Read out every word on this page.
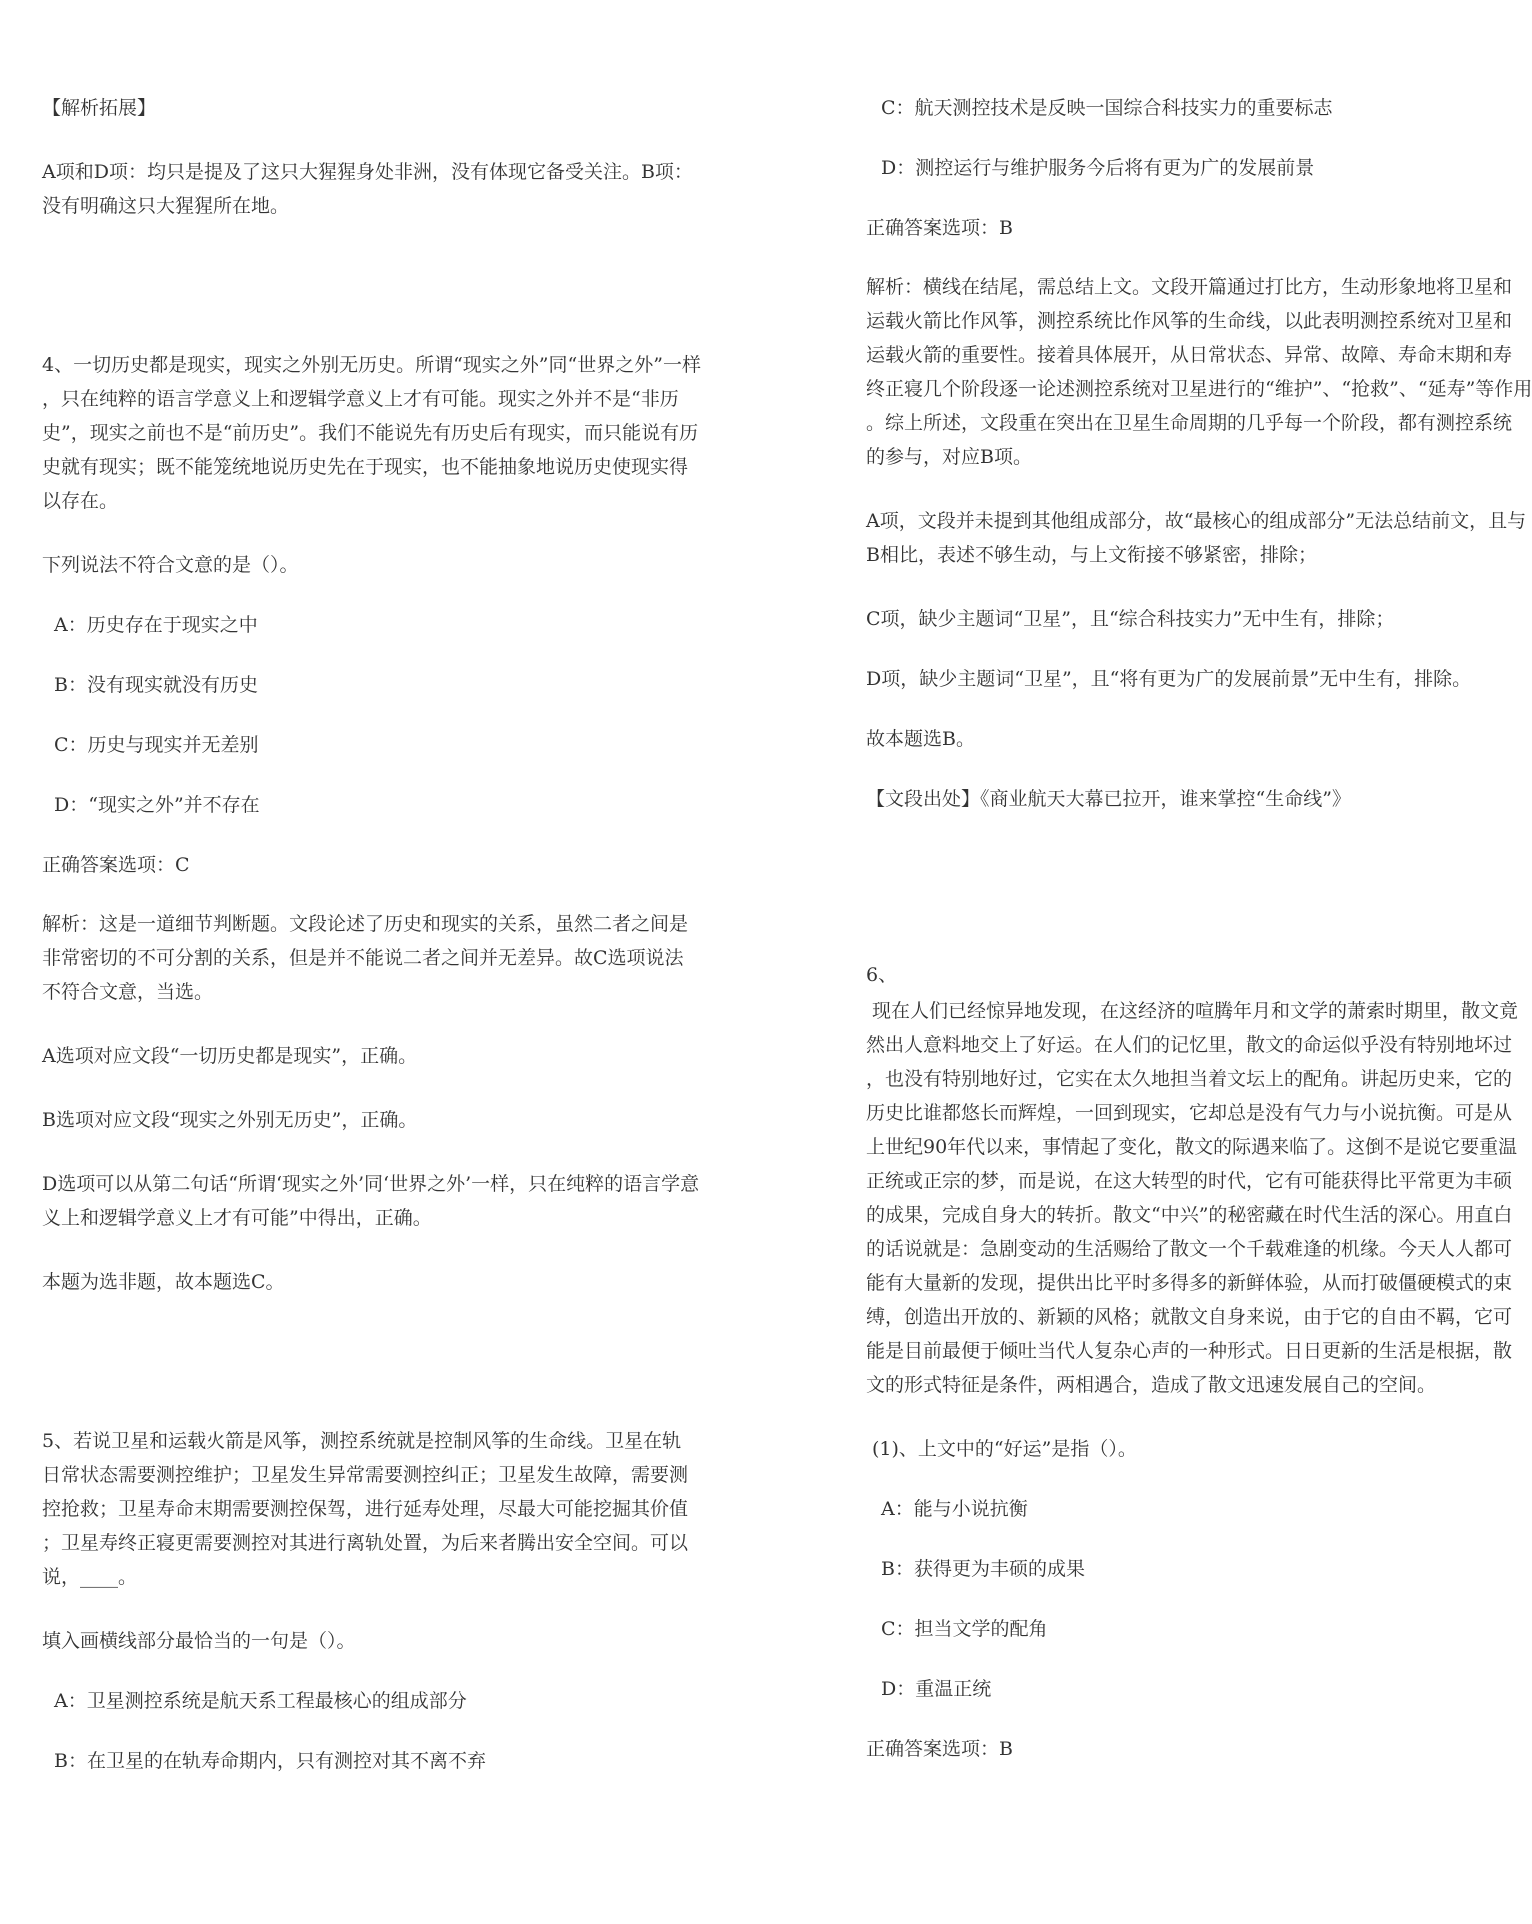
【解析拓展】
A项和D项：均只是提及了这只大猩猩身处非洲，没有体现它备受关注。B项：
没有明确这只大猩猩所在地。
4、一切历史都是现实，现实之外别无历史。所谓“现实之外”同“世界之外”一样
，只在纯粹的语言学意义上和逻辑学意义上才有可能。现实之外并不是“非历
史”，现实之前也不是“前历史”。我们不能说先有历史后有现实，而只能说有历
史就有现实；既不能笼统地说历史先在于现实，也不能抽象地说历史使现实得
以存在。
下列说法不符合文意的是（）。
A：历史存在于现实之中
B：没有现实就没有历史
C：历史与现实并无差别
D：“现实之外”并不存在
正确答案选项：C
解析：这是一道细节判断题。文段论述了历史和现实的关系，虽然二者之间是
非常密切的不可分割的关系，但是并不能说二者之间并无差异。故C选项说法
不符合文意，当选。
A选项对应文段“一切历史都是现实”，正确。
B选项对应文段“现实之外别无历史”，正确。
D选项可以从第二句话“所谓‘现实之外’同‘世界之外’一样，只在纯粹的语言学意
义上和逻辑学意义上才有可能”中得出，正确。
本题为选非题，故本题选C。
5、若说卫星和运载火箭是风筝，测控系统就是控制风筝的生命线。卫星在轨
日常状态需要测控维护；卫星发生异常需要测控纠正；卫星发生故障，需要测
控抢救；卫星寿命末期需要测控保驾，进行延寿处理，尽最大可能挖掘其价值
；卫星寿终正寝更需要测控对其进行离轨处置，为后来者腾出安全空间。可以
说，____。
填入画横线部分最恰当的一句是（）。
A：卫星测控系统是航天系工程最核心的组成部分
B：在卫星的在轨寿命期内，只有测控对其不离不弃
C：航天测控技术是反映一国综合科技实力的重要标志
D：测控运行与维护服务今后将有更为广的发展前景
正确答案选项：B
解析：横线在结尾，需总结上文。文段开篇通过打比方，生动形象地将卫星和
运载火箭比作风筝，测控系统比作风筝的生命线，以此表明测控系统对卫星和
运载火箭的重要性。接着具体展开，从日常状态、异常、故障、寿命末期和寿
终正寝几个阶段逐一论述测控系统对卫星进行的“维护”、“抢救”、“延寿”等作用
。综上所述，文段重在突出在卫星生命周期的几乎每一个阶段，都有测控系统
的参与，对应B项。
A项，文段并未提到其他组成部分，故“最核心的组成部分”无法总结前文，且与
B相比，表述不够生动，与上文衔接不够紧密，排除；
C项，缺少主题词“卫星”，且“综合科技实力”无中生有，排除；
D项，缺少主题词“卫星”，且“将有更为广的发展前景”无中生有，排除。
故本题选B。
【文段出处】《商业航天大幕已拉开，谁来掌控“生命线”》
6、
现在人们已经惊异地发现，在这经济的喧腾年月和文学的萧索时期里，散文竟
然出人意料地交上了好运。在人们的记忆里，散文的命运似乎没有特别地坏过
，也没有特别地好过，它实在太久地担当着文坛上的配角。讲起历史来，它的
历史比谁都悠长而辉煌，一回到现实，它却总是没有气力与小说抗衡。可是从
上世纪90年代以来，事情起了变化，散文的际遇来临了。这倒不是说它要重温
正统或正宗的梦，而是说，在这大转型的时代，它有可能获得比平常更为丰硕
的成果，完成自身大的转折。散文“中兴”的秘密藏在时代生活的深心。用直白
的话说就是：急剧变动的生活赐给了散文一个千载难逢的机缘。今天人人都可
能有大量新的发现，提供出比平时多得多的新鲜体验，从而打破僵硬模式的束
缚，创造出开放的、新颖的风格；就散文自身来说，由于它的自由不羁，它可
能是目前最便于倾吐当代人复杂心声的一种形式。日日更新的生活是根据，散
文的形式特征是条件，两相遇合，造成了散文迅速发展自己的空间。
(1)、上文中的“好运”是指（）。
A：能与小说抗衡
B：获得更为丰硕的成果
C：担当文学的配角
D：重温正统
正确答案选项：B
